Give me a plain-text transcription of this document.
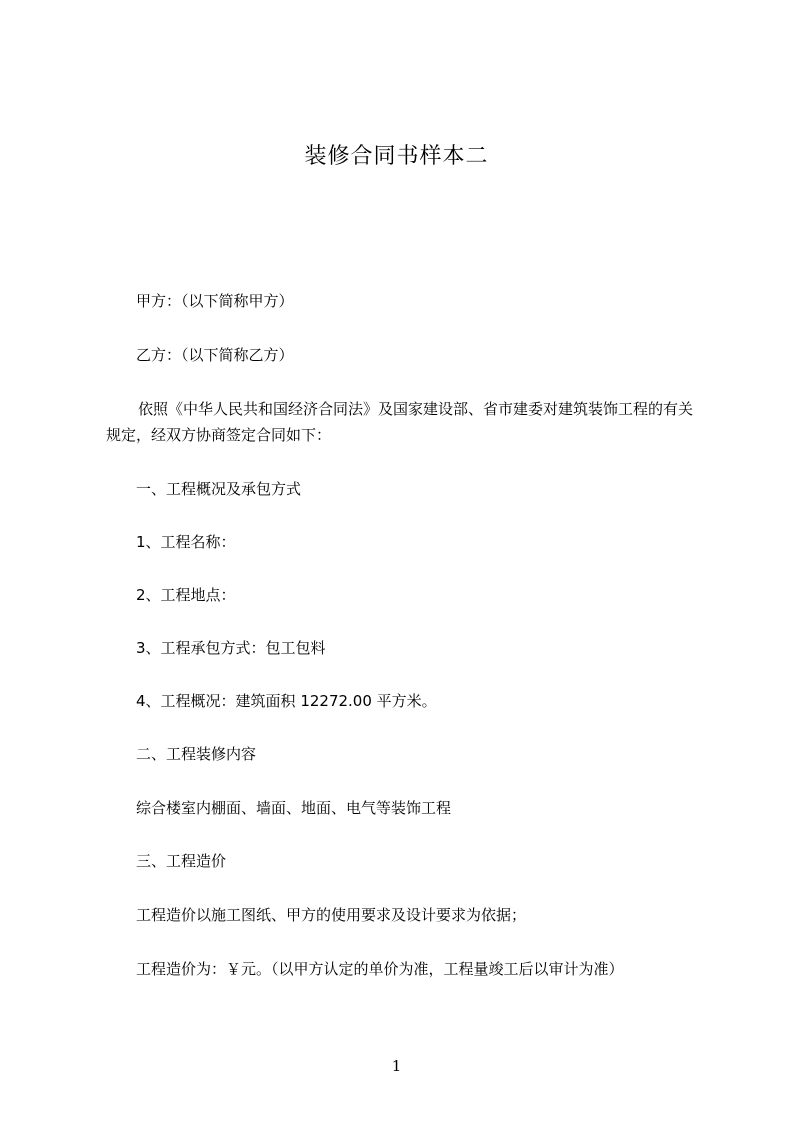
装修合同书样本二
甲方：（以下简称甲方）
乙方：（以下简称乙方）
依照《中华人民共和国经济合同法》及国家建设部、省市建委对建筑装饰工程的有关规定，经双方协商签定合同如下：
一、工程概况及承包方式
1、工程名称：
2、工程地点：
3、工程承包方式：包工包料
4、工程概况：建筑面积 12272.00 平方米。
二、工程装修内容
综合楼室内棚面、墙面、地面、电气等装饰工程
三、工程造价
工程造价以施工图纸、甲方的使用要求及设计要求为依据；
工程造价为：￥元。（以甲方认定的单价为准，工程量竣工后以审计为准）
1
